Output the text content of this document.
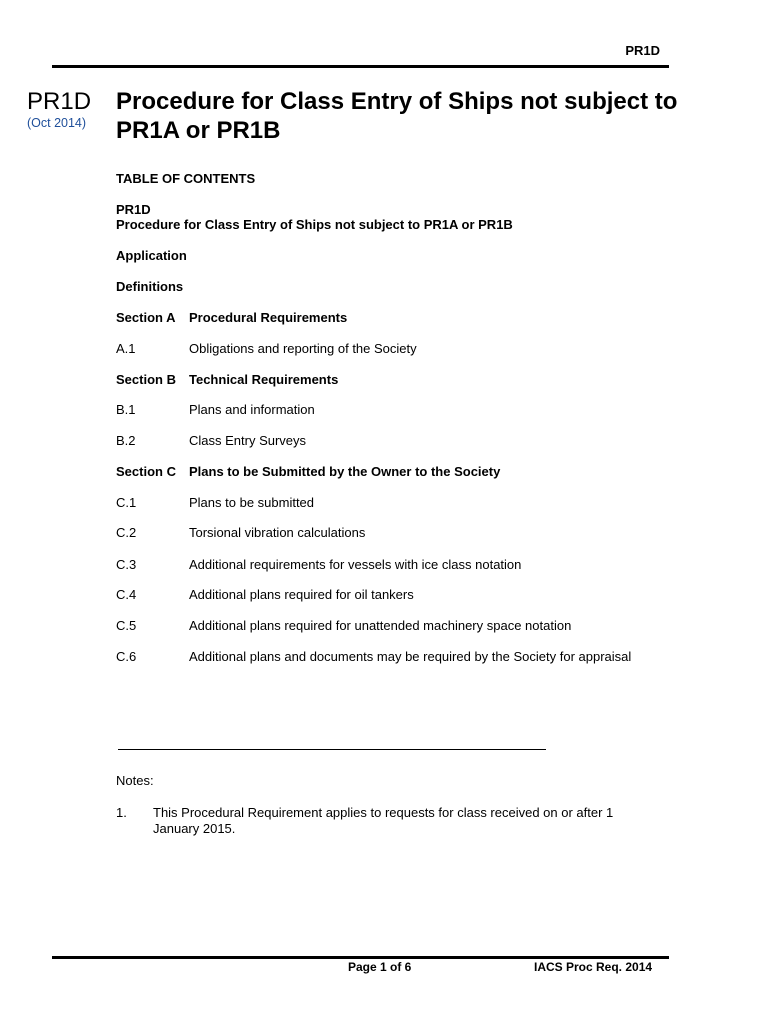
PR1D
PR1D
(Oct 2014)
Procedure for Class Entry of Ships not subject to PR1A or PR1B
TABLE OF CONTENTS
PR1D
Procedure for Class Entry of Ships not subject to PR1A or PR1B
Application
Definitions
Section A Procedural Requirements
A.1	Obligations and reporting of the Society
Section B Technical Requirements
B.1	Plans and information
B.2	Class Entry Surveys
Section C Plans to be Submitted by the Owner to the Society
C.1	Plans to be submitted
C.2	Torsional vibration calculations
C.3	Additional requirements for vessels with ice class notation
C.4	Additional plans required for oil tankers
C.5	Additional plans required for unattended machinery space notation
C.6	Additional plans and documents may be required by the Society for appraisal
Notes:
1. This Procedural Requirement applies to requests for class received on or after 1 January 2015.
Page 1 of 6	IACS Proc Req. 2014
